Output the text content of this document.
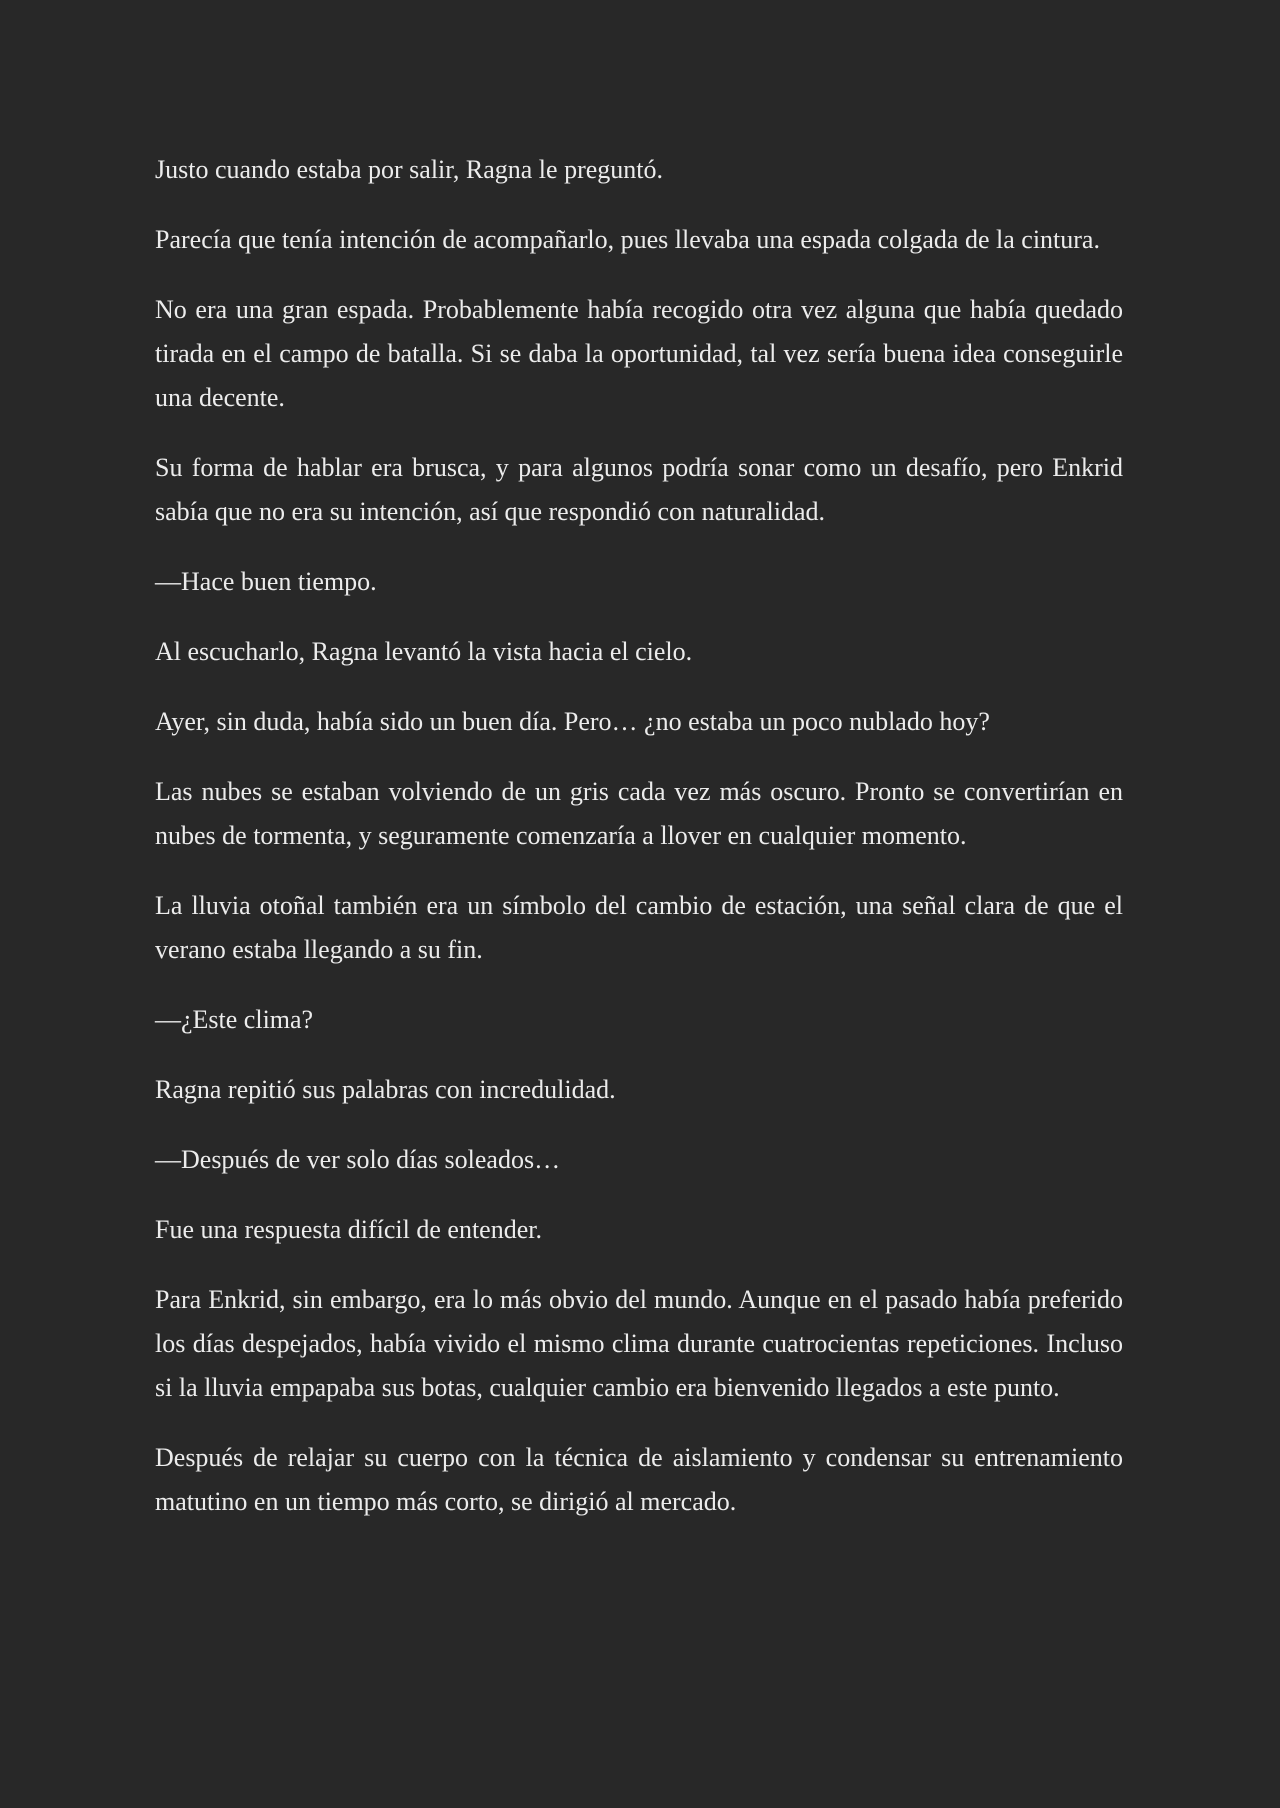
Justo cuando estaba por salir, Ragna le preguntó.

Parecía que tenía intención de acompañarlo, pues llevaba una espada colgada de la cintura.

No era una gran espada. Probablemente había recogido otra vez alguna que había quedado tirada en el campo de batalla. Si se daba la oportunidad, tal vez sería buena idea conseguirle una decente.

Su forma de hablar era brusca, y para algunos podría sonar como un desafío, pero Enkrid sabía que no era su intención, así que respondió con naturalidad.

—Hace buen tiempo.

Al escucharlo, Ragna levantó la vista hacia el cielo.

Ayer, sin duda, había sido un buen día. Pero… ¿no estaba un poco nublado hoy?

Las nubes se estaban volviendo de un gris cada vez más oscuro. Pronto se convertirían en nubes de tormenta, y seguramente comenzaría a llover en cualquier momento.

La lluvia otoñal también era un símbolo del cambio de estación, una señal clara de que el verano estaba llegando a su fin.

—¿Este clima?

Ragna repitió sus palabras con incredulidad.

—Después de ver solo días soleados…

Fue una respuesta difícil de entender.

Para Enkrid, sin embargo, era lo más obvio del mundo. Aunque en el pasado había preferido los días despejados, había vivido el mismo clima durante cuatrocientas repeticiones. Incluso si la lluvia empapaba sus botas, cualquier cambio era bienvenido llegados a este punto.

Después de relajar su cuerpo con la técnica de aislamiento y condensar su entrenamiento matutino en un tiempo más corto, se dirigió al mercado.
